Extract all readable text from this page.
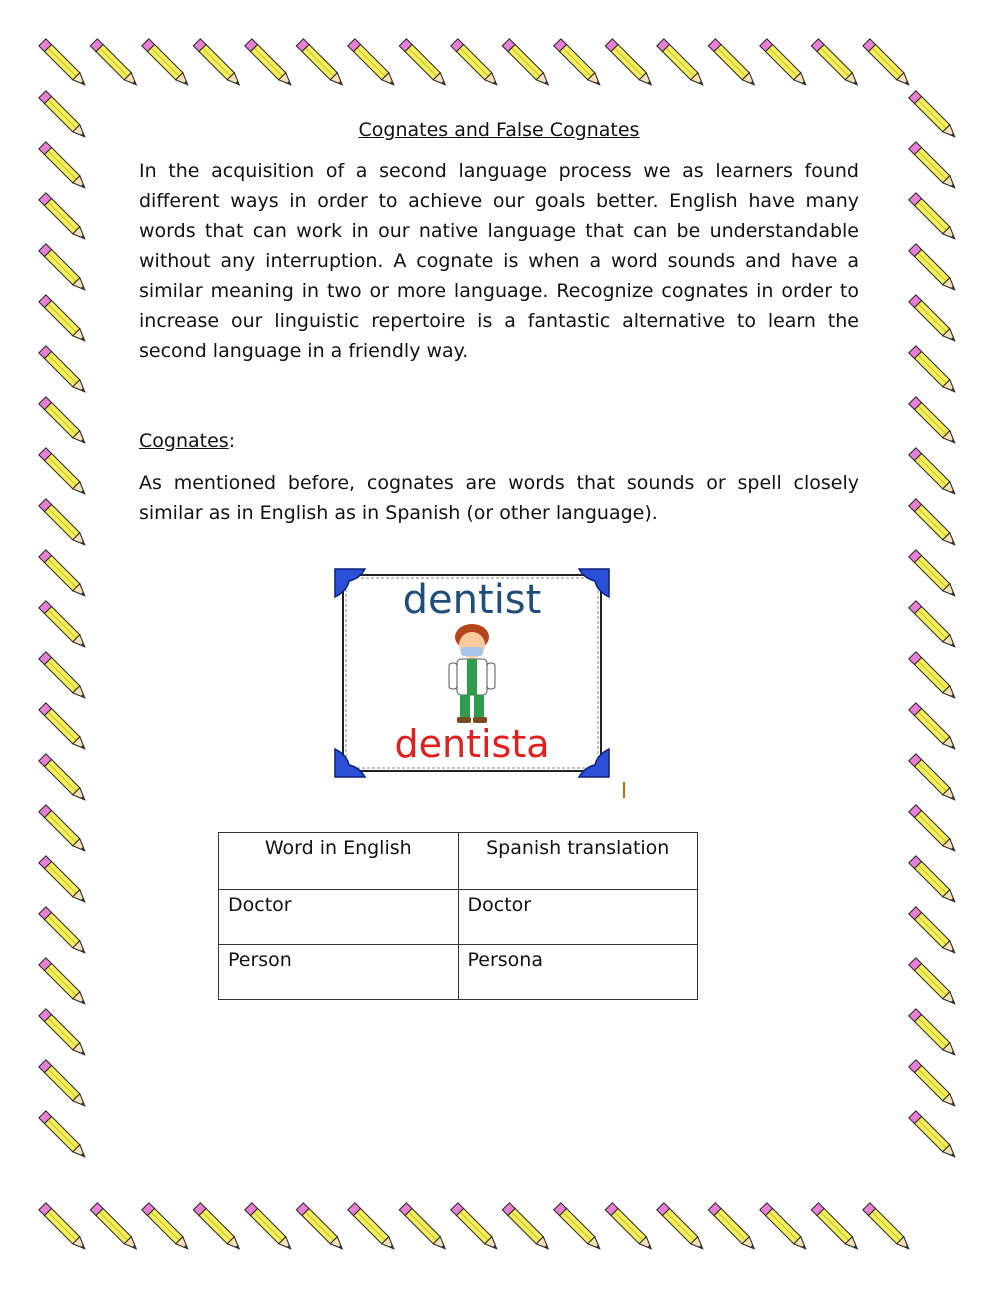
Cognates and False Cognates

In the acquisition of a second language process we as learners found different ways in order to achieve our goals better. English have many words that can work in our native language that can be understandable without any interruption. A cognate is when a word sounds and have a similar meaning in two or more language. Recognize cognates in order to increase our linguistic repertoire is a fantastic alternative to learn the second language in a friendly way.

Cognates:

As mentioned before, cognates are words that sounds or spell closely similar as in English as in Spanish (or other language).

dentist
dentista
Word in English	Spanish translation
Doctor	Doctor
Person	Persona
